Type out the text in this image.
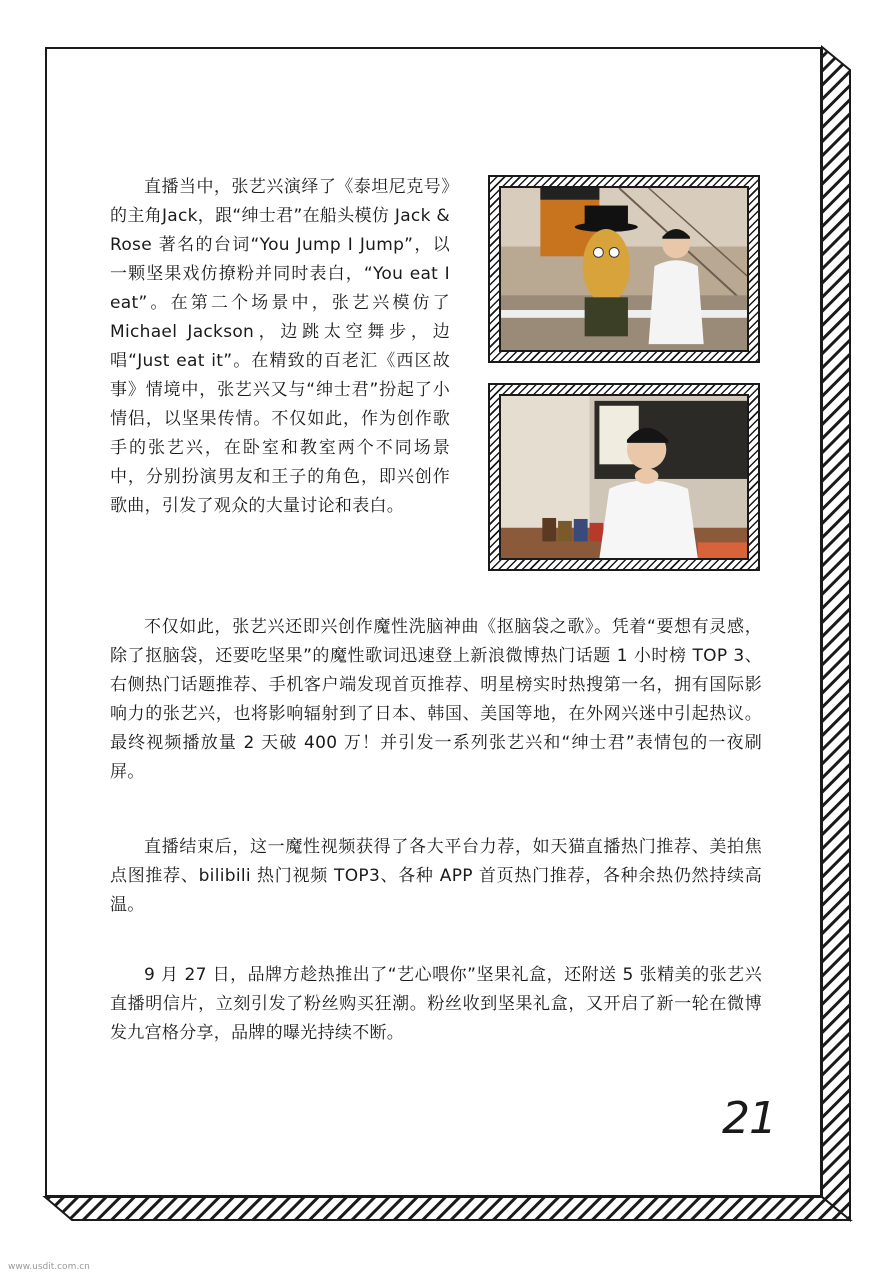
直播当中，张艺兴演绎了《泰坦尼克号》的主角Jack，跟“绅士君”在船头模仿 Jack & Rose 著名的台词“You Jump I Jump”，以一颗坚果戏仿撩粉并同时表白，“You eat I eat”。在第二个场景中，张艺兴模仿了 Michael Jackson，边跳太空舞步，边唱“Just eat it”。在精致的百老汇《西区故事》情境中，张艺兴又与“绅士君”扮起了小情侣，以坚果传情。不仅如此，作为创作歌手的张艺兴，在卧室和教室两个不同场景中，分别扮演男友和王子的角色，即兴创作歌曲，引发了观众的大量讨论和表白。

不仅如此，张艺兴还即兴创作魔性洗脑神曲《抠脑袋之歌》。凭着“要想有灵感，除了抠脑袋，还要吃坚果”的魔性歌词迅速登上新浪微博热门话题 1 小时榜 TOP 3、右侧热门话题推荐、手机客户端发现首页推荐、明星榜实时热搜第一名，拥有国际影响力的张艺兴，也将影响辐射到了日本、韩国、美国等地，在外网兴迷中引起热议。最终视频播放量 2 天破 400 万！并引发一系列张艺兴和“绅士君”表情包的一夜刷屏。

直播结束后，这一魔性视频获得了各大平台力荐，如天猫直播热门推荐、美拍焦点图推荐、bilibili 热门视频 TOP3、各种 APP 首页热门推荐，各种余热仍然持续高温。

9 月 27 日，品牌方趁热推出了“艺心喂你”坚果礼盒，还附送 5 张精美的张艺兴直播明信片，立刻引发了粉丝购买狂潮。粉丝收到坚果礼盒，又开启了新一轮在微博发九宫格分享，品牌的曝光持续不断。

21
www.usdit.com.cn
